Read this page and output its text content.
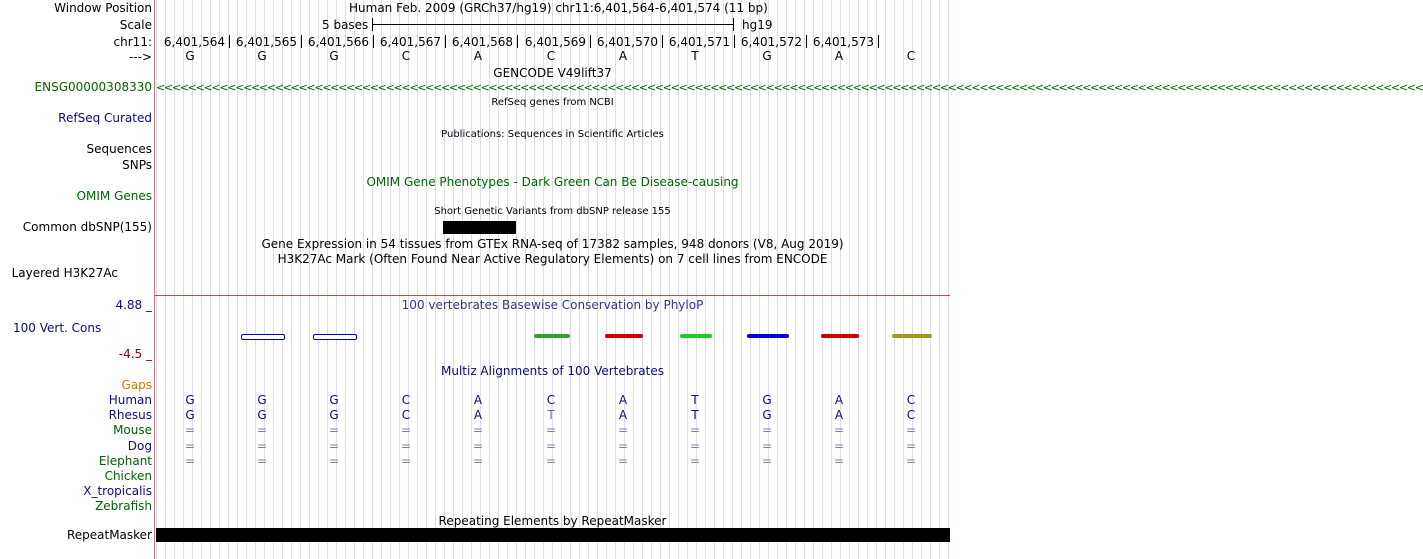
Window Position	Human Feb. 2009 (GRCh37/hg19) chr11:6,401,564-6,401,574 (11 bp)
Scale	5 bases	hg19
chr11: 6,401,564 6,401,565 6,401,566 6,401,567 6,401,568 6,401,569 6,401,570 6,401,571 6,401,572 6,401,573
--->	G	G	G	C	A	C	A	T	G	A	C
GENCODE V49lift37
ENSG00000308330 <<<<<<<<<<<<<<<<<<<<<<<<<<<<<<<<<<<<<<<<<<<<<<<<<<<<<<<<<<<<<<<<<<<<<<<<<<<<<<<<<<<<<<<<<<<<<<<<<<<<<<<<<<<<<<<<<<<<<<<<<<<<<<<<<<<<<<<<<<<<<<<<<<<<<<<<<<<<<<<<
RefSeq genes from NCBI
RefSeq Curated
Publications: Sequences in Scientific Articles
Sequences
SNPs
OMIM Gene Phenotypes - Dark Green Can Be Disease-causing
OMIM Genes
Short Genetic Variants from dbSNP release 155
Common dbSNP(155)
Gene Expression in 54 tissues from GTEx RNA-seq of 17382 samples, 948 donors (V8, Aug 2019)
H3K27Ac Mark (Often Found Near Active Regulatory Elements) on 7 cell lines from ENCODE
Layered H3K27Ac
100 vertebrates Basewise Conservation by PhyloP
4.88 _
100 Vert. Cons
-4.5 _
Multiz Alignments of 100 Vertebrates
Gaps
Human	G	G	G	C	A	C	A	T	G	A	C
Rhesus	G	G	G	C	A	T	A	T	G	A	C
Mouse	=	=	=	=	=	=	=	=	=	=	=
Dog	=	=	=	=	=	=	=	=	=	=	=
Elephant	=	=	=	=	=	=	=	=	=	=	=
Chicken
X_tropicalis
Zebrafish
Repeating Elements by RepeatMasker
RepeatMasker
